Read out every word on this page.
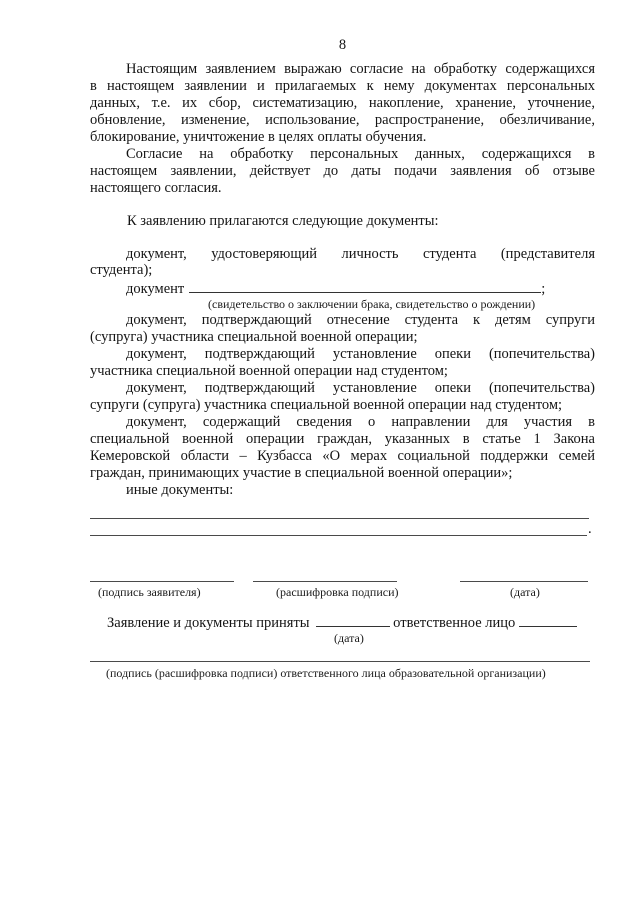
8
Настоящим заявлением выражаю согласие на обработку содержащихся
в настоящем заявлении и прилагаемых к нему документах персональных
данных, т.е. их сбор, систематизацию, накопление, хранение, уточнение,
обновление, изменение, использование, распространение, обезличивание,
блокирование, уничтожение в целях оплаты обучения.
Согласие на обработку персональных данных, содержащихся в
настоящем заявлении, действует до даты подачи заявления об отзыве
настоящего согласия.
К заявлению прилагаются следующие документы:
документ, удостоверяющий личность студента (представителя
студента);
документ	;
(свидетельство о заключении брака, свидетельство о рождении)
документ, подтверждающий отнесение студента к детям супруги
(супруга) участника специальной военной операции;
документ, подтверждающий установление опеки (попечительства)
участника специальной военной операции над студентом;
документ, подтверждающий установление опеки (попечительства)
супруги (супруга) участника специальной военной операции над студентом;
документ, содержащий сведения о направлении для участия в
специальной военной операции граждан, указанных в статье 1 Закона
Кемеровской области – Кузбасса «О мерах социальной поддержки семей
граждан, принимающих участие в специальной военной операции»;
иные документы:
.
(подпись заявителя)	(расшифровка подписи)	(дата)
Заявление и документы приняты	ответственное лицо
(дата)
(подпись (расшифровка подписи) ответственного лица образовательной организации)
